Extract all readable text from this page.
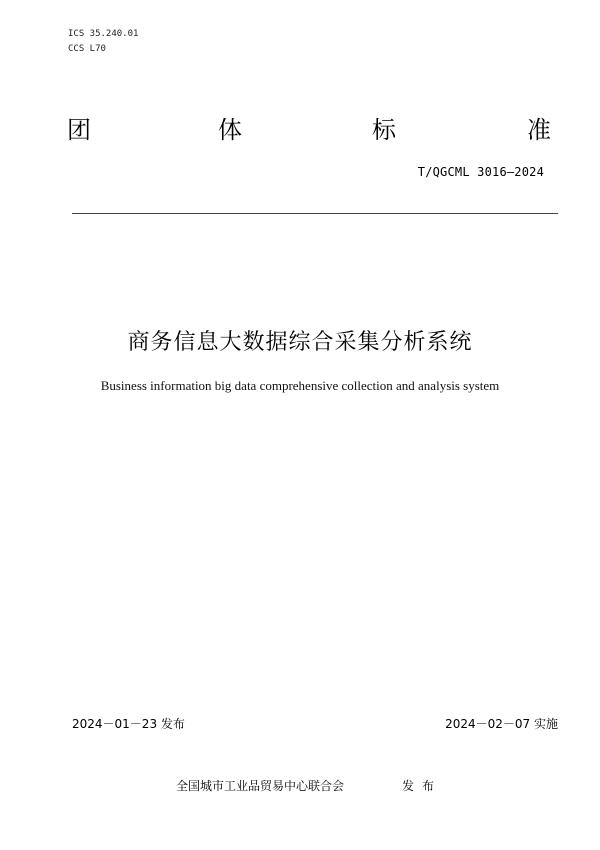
ICS 35.240.01
CCS L70
团	体	标	准
T/QGCML 3016—2024
商务信息大数据综合采集分析系统
Business information big data comprehensive collection and analysis system
2024－01－23 发布	2024－02－07 实施
全国城市工业品贸易中心联合会	发布
